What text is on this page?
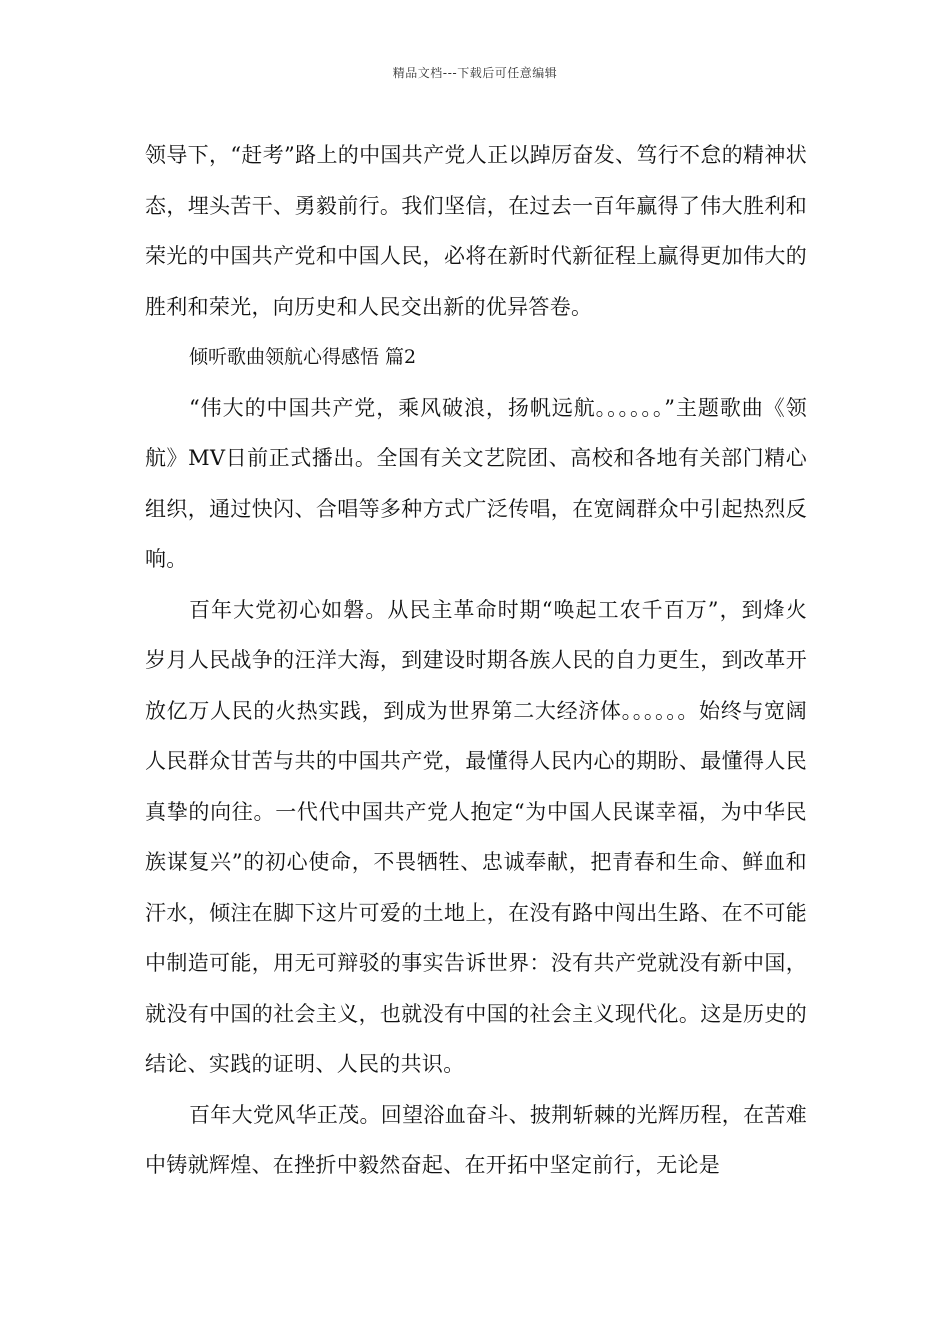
精品文档---下载后可任意编辑

领导下，“赶考”路上的中国共产党人正以踔厉奋发、笃行不怠的精神状态，埋头苦干、勇毅前行。我们坚信，在过去一百年赢得了伟大胜利和荣光的中国共产党和中国人民，必将在新时代新征程上赢得更加伟大的胜利和荣光，向历史和人民交出新的优异答卷。

倾听歌曲领航心得感悟 篇2

“伟大的中国共产党，乘风破浪，扬帆远航。。。。。。”主题歌曲《领航》MV日前正式播出。全国有关文艺院团、高校和各地有关部门精心组织，通过快闪、合唱等多种方式广泛传唱，在宽阔群众中引起热烈反响。

百年大党初心如磐。从民主革命时期“唤起工农千百万”，到烽火岁月人民战争的汪洋大海，到建设时期各族人民的自力更生，到改革开放亿万人民的火热实践，到成为世界第二大经济体。。。。。。始终与宽阔人民群众甘苦与共的中国共产党，最懂得人民内心的期盼、最懂得人民真挚的向往。一代代中国共产党人抱定“为中国人民谋幸福，为中华民族谋复兴”的初心使命，不畏牺牲、忠诚奉献，把青春和生命、鲜血和汗水，倾注在脚下这片可爱的土地上，在没有路中闯出生路、在不可能中制造可能，用无可辩驳的事实告诉世界：没有共产党就没有新中国，就没有中国的社会主义，也就没有中国的社会主义现代化。这是历史的结论、实践的证明、人民的共识。

百年大党风华正茂。回望浴血奋斗、披荆斩棘的光辉历程，在苦难中铸就辉煌、在挫折中毅然奋起、在开拓中坚定前行，无论是
